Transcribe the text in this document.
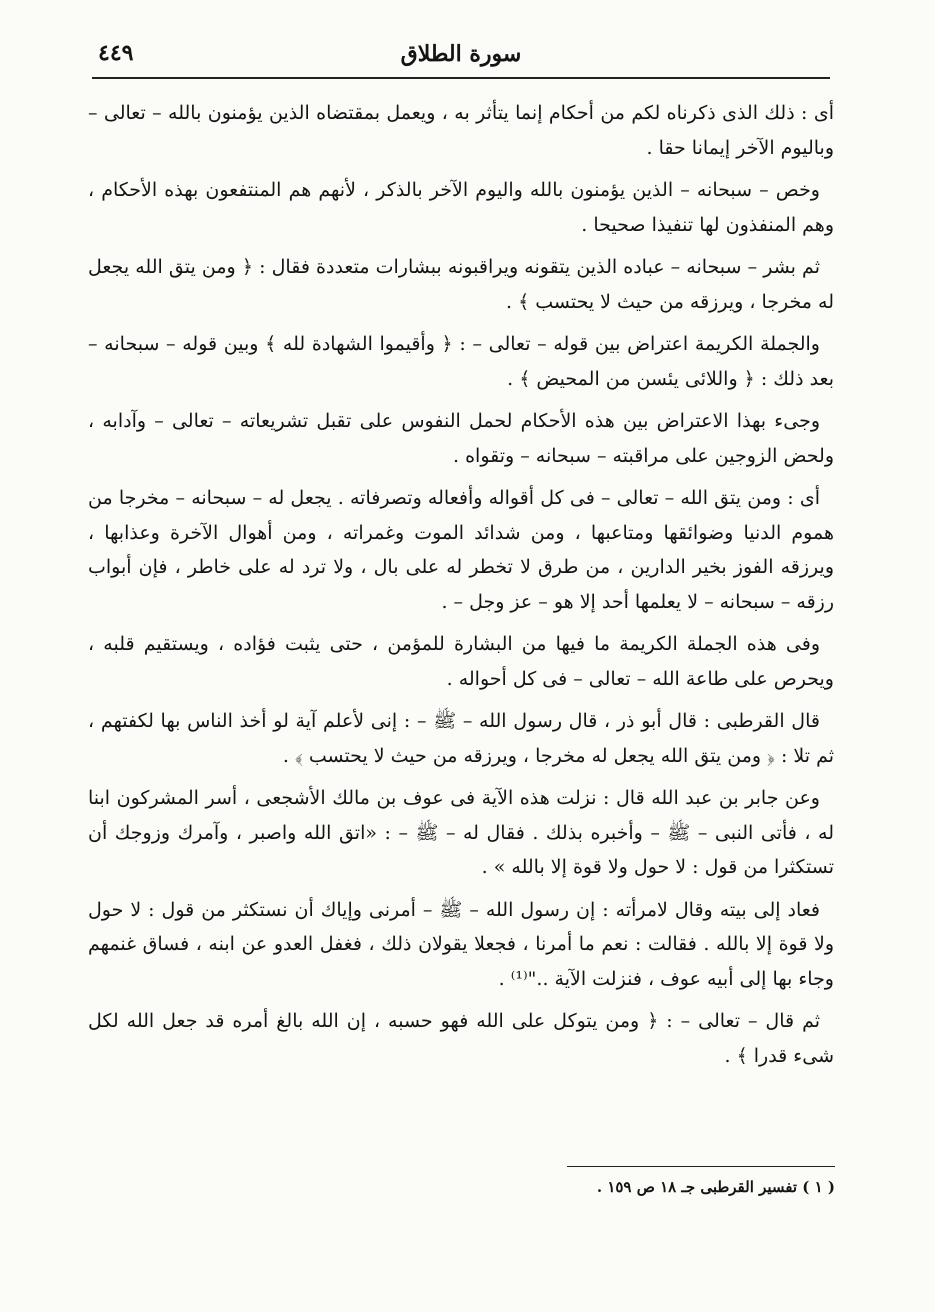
سورة الطلاق
٤٤٩

أى : ذلك الذى ذكرناه لكم من أحكام إنما يتأثر به ، ويعمل بمقتضاه الذين يؤمنون بالله – تعالى – وباليوم الآخر إيمانا حقا .

وخص – سبحانه – الذين يؤمنون بالله واليوم الآخر بالذكر ، لأنهم هم المنتفعون بهذه الأحكام ، وهم المنفذون لها تنفيذا صحيحا .

ثم بشر – سبحانه – عباده الذين يتقونه ويراقبونه ببشارات متعددة فقال : ﴿ ومن يتق الله يجعل له مخرجا ، ويرزقه من حيث لا يحتسب ﴾ .

والجملة الكريمة اعتراض بين قوله – تعالى – : ﴿ وأقيموا الشهادة لله ﴾ وبين قوله – سبحانه – بعد ذلك : ﴿ واللائى يئسن من المحيض ﴾ .

وجىء بهذا الاعتراض بين هذه الأحكام لحمل النفوس على تقبل تشريعاته – تعالى – وآدابه ، ولحض الزوجين على مراقبته – سبحانه – وتقواه .

أى : ومن يتق الله – تعالى – فى كل أقواله وأفعاله وتصرفاته . يجعل له – سبحانه – مخرجا من هموم الدنيا وضوائقها ومتاعبها ، ومن شدائد الموت وغمراته ، ومن أهوال الآخرة وعذابها ، ويرزقه الفوز بخير الدارين ، من طرق لا تخطر له على بال ، ولا ترد له على خاطر ، فإن أبواب رزقه – سبحانه – لا يعلمها أحد إلا هو – عز وجل – .

وفى هذه الجملة الكريمة ما فيها من البشارة للمؤمن ، حتى يثبت فؤاده ، ويستقيم قلبه ، ويحرص على طاعة الله – تعالى – فى كل أحواله .

قال القرطبى : قال أبو ذر ، قال رسول الله – ﷺ – : إنى لأعلم آية لو أخذ الناس بها لكفتهم ، ثم تلا : ﴿ ومن يتق الله يجعل له مخرجا ، ويرزقه من حيث لا يحتسب ﴾ .

وعن جابر بن عبد الله قال : نزلت هذه الآية فى عوف بن مالك الأشجعى ، أسر المشركون ابنا له ، فأتى النبى – ﷺ – وأخبره بذلك . فقال له – ﷺ – : «اتق الله واصبر ، وآمرك وزوجك أن تستكثرا من قول : لا حول ولا قوة إلا بالله » .

فعاد إلى بيته وقال لامرأته : إن رسول الله – ﷺ – أمرنى وإياك أن نستكثر من قول : لا حول ولا قوة إلا بالله . فقالت : نعم ما أمرنا ، فجعلا يقولان ذلك ، فغفل العدو عن ابنه ، فساق غنمهم وجاء بها إلى أبيه عوف ، فنزلت الآية .."⁽¹⁾ .

ثم قال – تعالى – : ﴿ ومن يتوكل على الله فهو حسبه ، إن الله بالغ أمره قد جعل الله لكل شىء قدرا ﴾ .

( ١ ) تفسير القرطبى جـ ١٨ ص ١٥٩ .
